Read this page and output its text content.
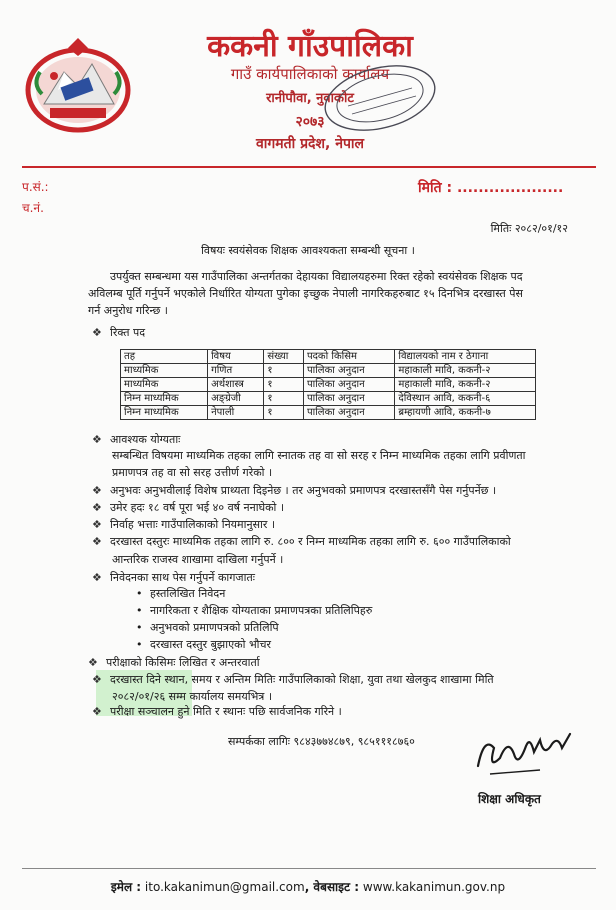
ककनी गाँउपालिका
गाउँ कार्यपालिकाको कार्यालय
रानीपौवा, नुवाकोट
२०७३
वागमती प्रदेश, नेपाल
प.सं.:
च.नं.
मिति : ....................
मितिः २०८२/०१/१२
विषयः स्वयंसेवक शिक्षक आवश्यकता सम्बन्धी सूचना ।
उपर्युक्त सम्बन्धमा यस गाउँपालिका अन्तर्गतका देहायका विद्यालयहरुमा रिक्त रहेको स्वयंसेवक शिक्षक पद
अविलम्ब पूर्ति गर्नुपर्ने भएकोले निर्धारित योग्यता पुगेका इच्छुक नेपाली नागरिकहरुबाट १५ दिनभित्र दरखास्त पेस
गर्न अनुरोध गरिन्छ ।
❖ रिक्त पद
तह	विषय	संख्या	पदको किसिम	विद्यालयको नाम र ठेगाना
माध्यमिक	गणित	१	पालिका अनुदान	महाकाली मावि, ककनी-२
माध्यमिक	अर्थशास्त्र	१	पालिका अनुदान	महाकाली मावि, ककनी-२
निम्न माध्यमिक	अङ्ग्रेजी	१	पालिका अनुदान	देविस्थान आवि, ककनी-६
निम्न माध्यमिक	नेपाली	१	पालिका अनुदान	ब्रम्हायणी आवि, ककनी-७
❖ आवश्यक योग्यताः
सम्बन्धित विषयमा माध्यमिक तहका लागि स्नातक तह वा सो सरह र निम्न माध्यमिक तहका लागि प्रवीणता
प्रमाणपत्र तह वा सो सरह उत्तीर्ण गरेको ।
❖ अनुभवः अनुभवीलाई विशेष प्राथ्यता दिइनेछ । तर अनुभवको प्रमाणपत्र दरखास्तसँगै पेस गर्नुपर्नेछ ।
❖ उमेर हदः १८ वर्ष पूरा भई ४० वर्ष ननाघेको ।
❖ निर्वाह भत्ताः गाउँपालिकाको नियमानुसार ।
❖ दरखास्त दस्तुरः माध्यमिक तहका लागि रु. ८०० र निम्न माध्यमिक तहका लागि रु. ६०० गाउँपालिकाको
आन्तरिक राजस्व शाखामा दाखिला गर्नुपर्ने ।
❖ निवेदनका साथ पेस गर्नुपर्ने कागजातः
• हस्तलिखित निवेदन
• नागरिकता र शैक्षिक योग्यताका प्रमाणपत्रका प्रतिलिपिहरु
• अनुभवको प्रमाणपत्रको प्रतिलिपि
• दरखास्त दस्तुर बुझाएको भौचर
❖ परीक्षाको किसिमः लिखित र अन्तरवार्ता
❖ दरखास्त दिने स्थान, समय र अन्तिम मितिः गाउँपालिकाको शिक्षा, युवा तथा खेलकुद शाखामा मिति
२०८२/०१/२६ सम्म कार्यालय समयभित्र ।
❖ परीक्षा सञ्चालन हुने मिति र स्थानः पछि सार्वजनिक गरिने ।
सम्पर्कका लागिः ९८४३७७४८७९, ९८५१११८७६०
शिक्षा अधिकृत
इमेल : ito.kakanimun@gmail.com, वेबसाइट : www.kakanimun.gov.np
